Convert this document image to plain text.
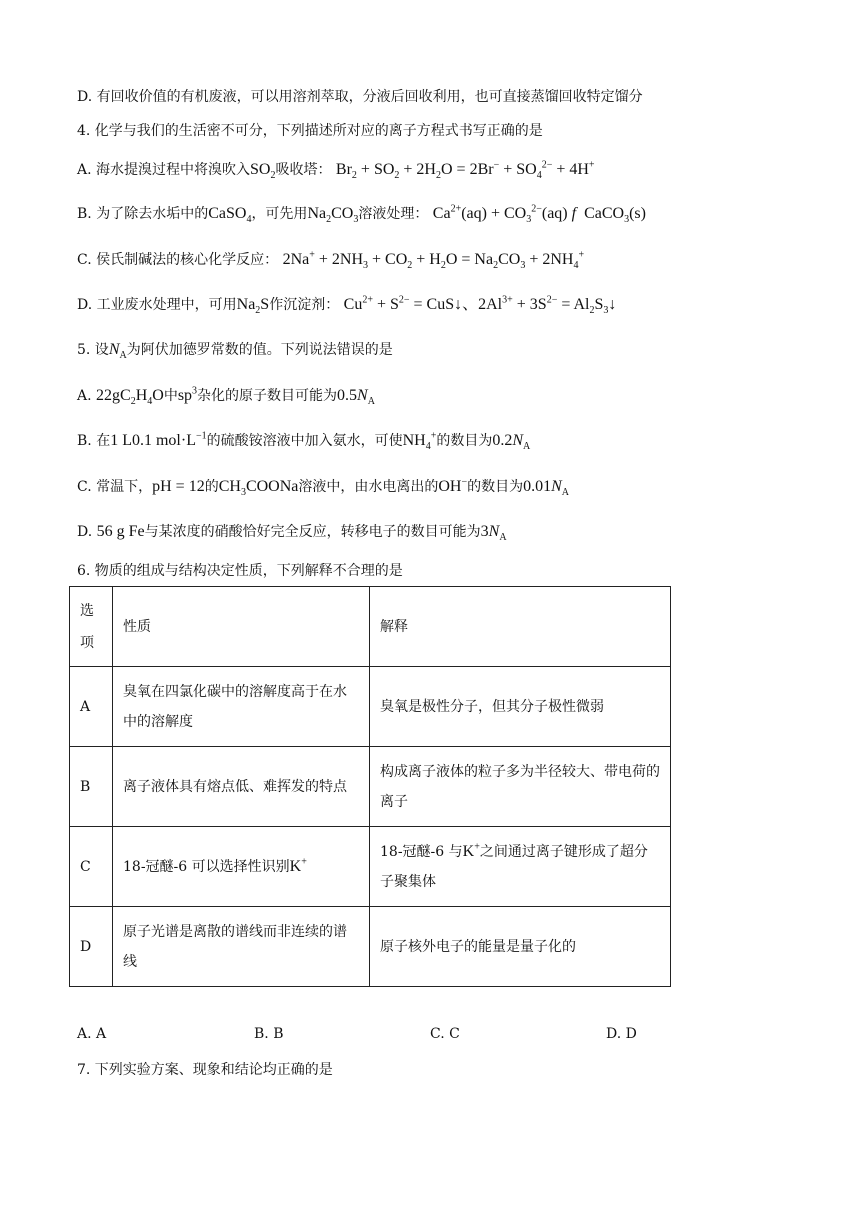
D. 有回收价值的有机废液，可以用溶剂萃取，分液后回收利用，也可直接蒸馏回收特定馏分
4. 化学与我们的生活密不可分，下列描述所对应的离子方程式书写正确的是
A. 海水提溴过程中将溴吹入$SO_2$吸收塔： $Br_2 + SO_2 + 2H_2O = 2Br^- + SO_4^{2-} + 4H^+$
B. 为了除去水垢中的CaSO$_4$，可先用$Na_2CO_3$溶液处理： $Ca^{2+}(aq) + CO_3^{2-}(aq)$ f  CaCO$_3$(s)
C. 侯氏制碱法的核心化学反应： $2Na^+ + 2NH_3 + CO_2 + H_2O = Na_2CO_3 + 2NH_4^+$
D. 工业废水处理中，可用$Na_2S$作沉淀剂： $Cu^{2+} + S^{2-}$ = CuS↓、$2Al^{3+} + 3S^{2-}$ = $Al_2S_3↓$
5. 设$N_A$为阿伏加德罗常数的值。下列说法错误的是
A. $22gC_2H_4O$中$sp^3$杂化的原子数目可能为$0.5N_A$
B. 在1 L0.1 $mol\cdot L^{-1}$的硫酸铵溶液中加入氨水，可使$NH_4^+$的数目为$0.2N_A$
C. 常温下，pH = 12的$CH_3COONa$溶液中，由水电离出的OH−的数目为$0.01N_A$
D. 56 g Fe与某浓度的硝酸恰好完全反应，转移电子的数目可能为$3N_A$
6. 物质的组成与结构决定性质，下列解释不合理的是
选项	性质	解释
A	臭氧在四氯化碳中的溶解度高于在水中的溶解度	臭氧是极性分子，但其分子极性微弱
B	离子液体具有熔点低、难挥发的特点	构成离子液体的粒子多为半径较大、带电荷的离子
C	18-冠醚-6 可以选择性识别K+	18-冠醚-6 与K+之间通过离子键形成了超分子聚集体
D	原子光谱是离散的谱线而非连续的谱线	原子核外电子的能量是量子化的
A. A	B. B	C. C	D. D
7. 下列实验方案、现象和结论均正确的是
